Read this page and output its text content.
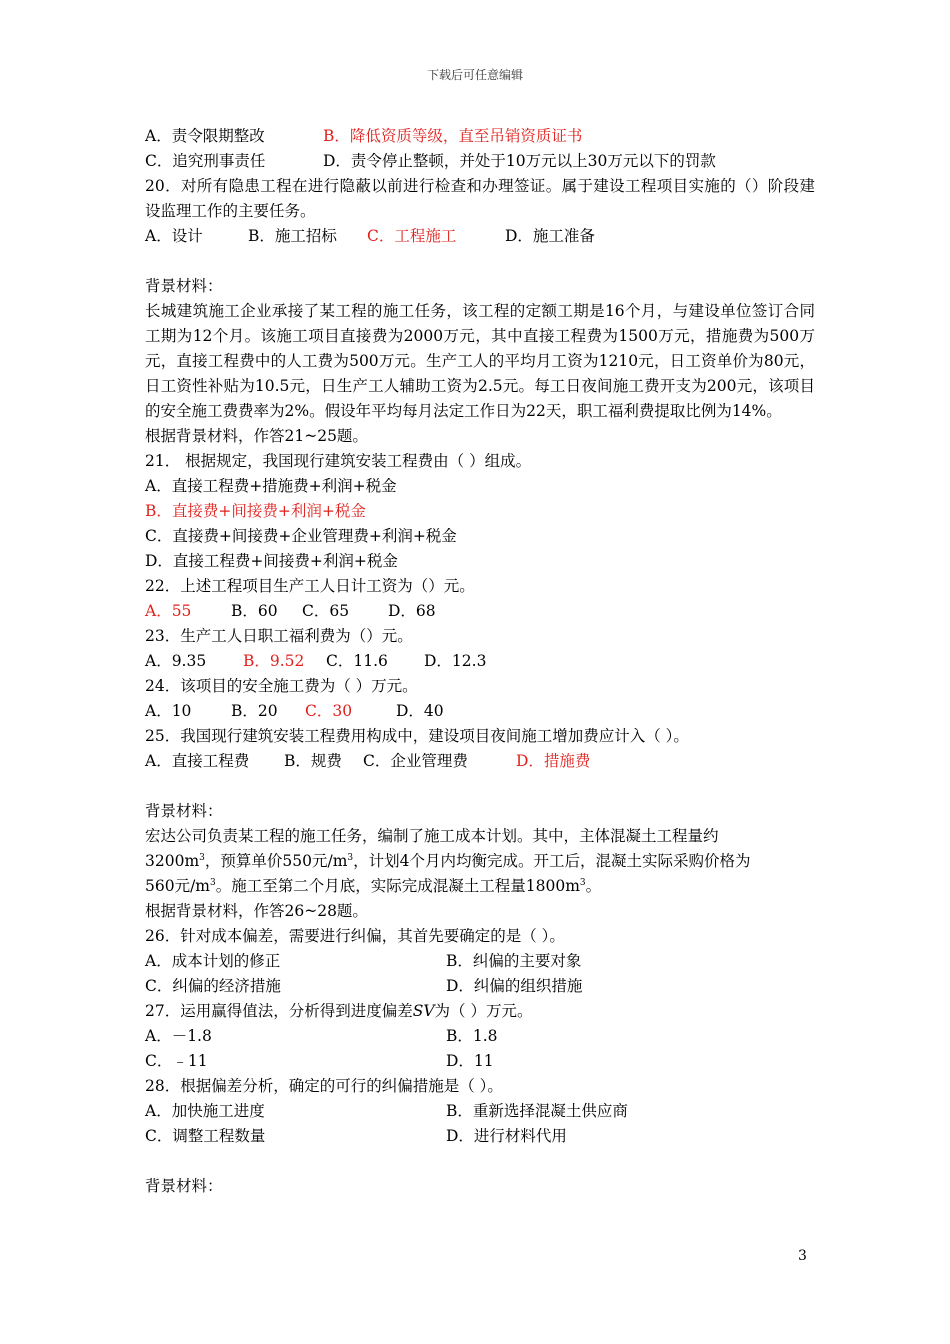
下载后可任意编辑
A．责令限期整改	B．降低资质等级，直至吊销资质证书
C．追究刑事责任	D．责令停止整顿，并处于10万元以上30万元以下的罚款
20．对所有隐患工程在进行隐蔽以前进行检查和办理签证。属于建设工程项目实施的（）阶段建设监理工作的主要任务。
A．设计	B．施工招标 C．工程施工	D．施工准备
背景材料：
长城建筑施工企业承接了某工程的施工任务，该工程的定额工期是16个月，与建设单位签订合同工期为12个月。该施工项目直接费为2000万元，其中直接工程费为1500万元，措施费为500万元，直接工程费中的人工费为500万元。生产工人的平均月工资为1210元，日工资单价为80元，日工资性补贴为10.5元，日生产工人辅助工资为2.5元。每工日夜间施工费开支为200元，该项目的安全施工费费率为2%。假设年平均每月法定工作日为22天，职工福利费提取比例为14%。
根据背景材料，作答21~25题。
21． 根据规定，我国现行建筑安装工程费由（ ）组成。
A．直接工程费+措施费+利润+税金
B．直接费+间接费+利润+税金
C．直接费+间接费+企业管理费+利润+税金
D．直接工程费+间接费+利润+税金
22．上述工程项目生产工人日计工资为（）元。
A．55	B．60 C．65	D．68
23．生产工人日职工福利费为（）元。
A．9.35 B．9.52 C．11.6 D．12.3
24．该项目的安全施工费为（ ）万元。
A．10	B．20 C．30	D．40
25．我国现行建筑安装工程费用构成中，建设项目夜间施工增加费应计入（ ）。
A．直接工程费 B．规费 C．企业管理费	D．措施费
背景材料：
宏达公司负责某工程的施工任务，编制了施工成本计划。其中，主体混凝土工程量约
$3200m^3$，预算单价550元$/m^3$，计划4个月内均衡完成。开工后，混凝土实际采购价格为
560元$/m^3$。施工至第二个月底，实际完成混凝土工程量$1800m^3$。
根据背景材料，作答26~28题。
26．针对成本偏差，需要进行纠偏，其首先要确定的是（ ）。
A．成本计划的修正	B．纠偏的主要对象
C．纠偏的经济措施	D．纠偏的组织措施
27．运用赢得值法，分析得到进度偏差SV为（ ）万元。
A．－1.8	B．1.8
C．﹣11	D．11
28．根据偏差分析，确定的可行的纠偏措施是（ ）。
A．加快施工进度	B．重新选择混凝土供应商
C．调整工程数量	D．进行材料代用
背景材料：
3
